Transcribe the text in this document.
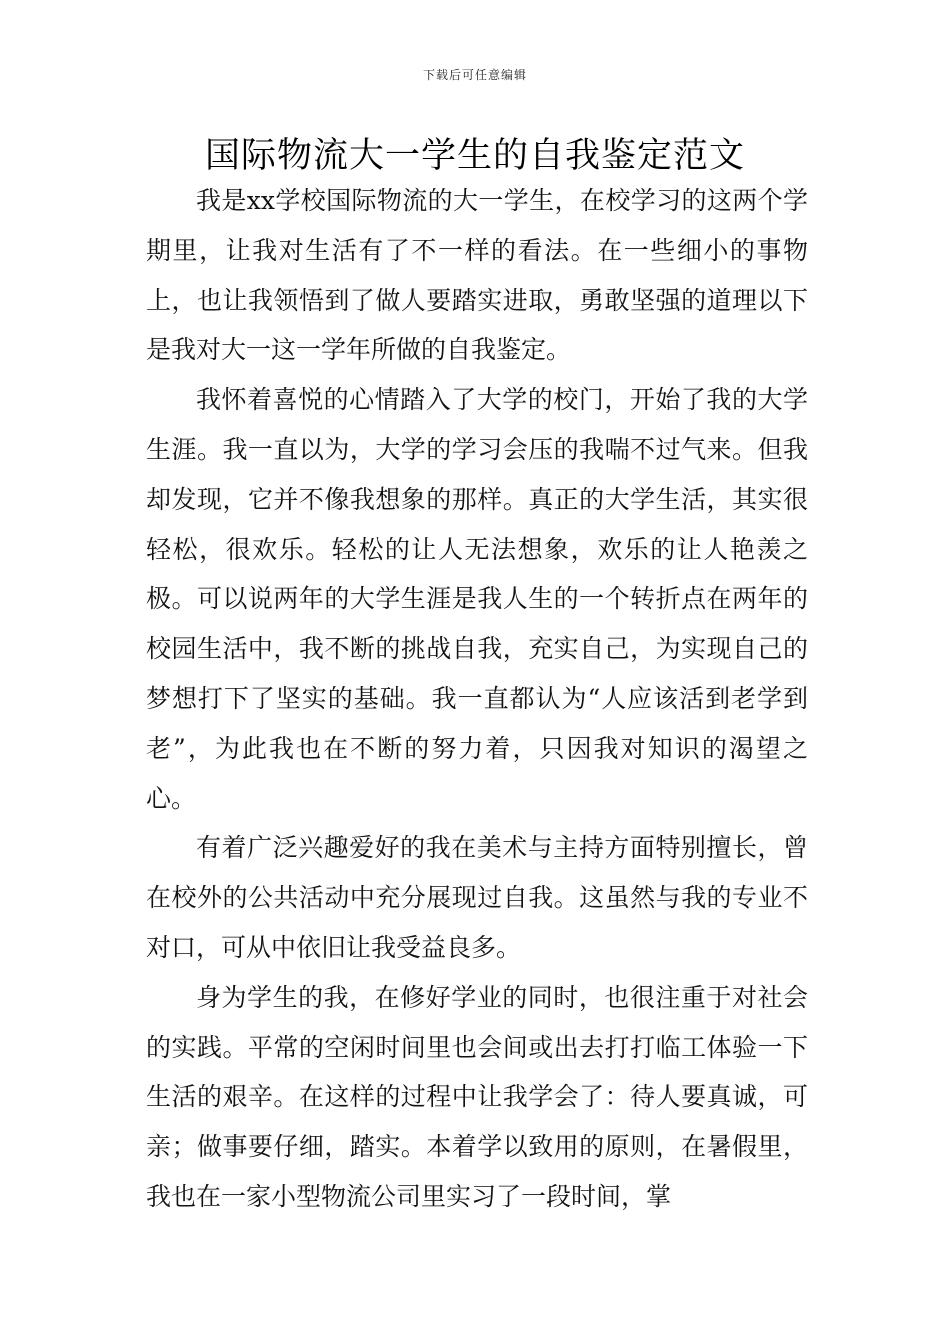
下载后可任意编辑
国际物流大一学生的自我鉴定范文

我是xx学校国际物流的大一学生，在校学习的这两个学期里，让我对生活有了不一样的看法。在一些细小的事物上，也让我领悟到了做人要踏实进取，勇敢坚强的道理以下是我对大一这一学年所做的自我鉴定。

我怀着喜悦的心情踏入了大学的校门，开始了我的大学生涯。我一直以为，大学的学习会压的我喘不过气来。但我却发现，它并不像我想象的那样。真正的大学生活，其实很轻松，很欢乐。轻松的让人无法想象，欢乐的让人艳羡之极。可以说两年的大学生涯是我人生的一个转折点在两年的校园生活中，我不断的挑战自我，充实自己，为实现自己的梦想打下了坚实的基础。我一直都认为“人应该活到老学到老”，为此我也在不断的努力着，只因我对知识的渴望之心。

有着广泛兴趣爱好的我在美术与主持方面特别擅长，曾在校外的公共活动中充分展现过自我。这虽然与我的专业不对口，可从中依旧让我受益良多。

身为学生的我，在修好学业的同时，也很注重于对社会的实践。平常的空闲时间里也会间或出去打打临工体验一下生活的艰辛。在这样的过程中让我学会了：待人要真诚，可亲；做事要仔细，踏实。本着学以致用的原则，在暑假里，我也在一家小型物流公司里实习了一段时间，掌
